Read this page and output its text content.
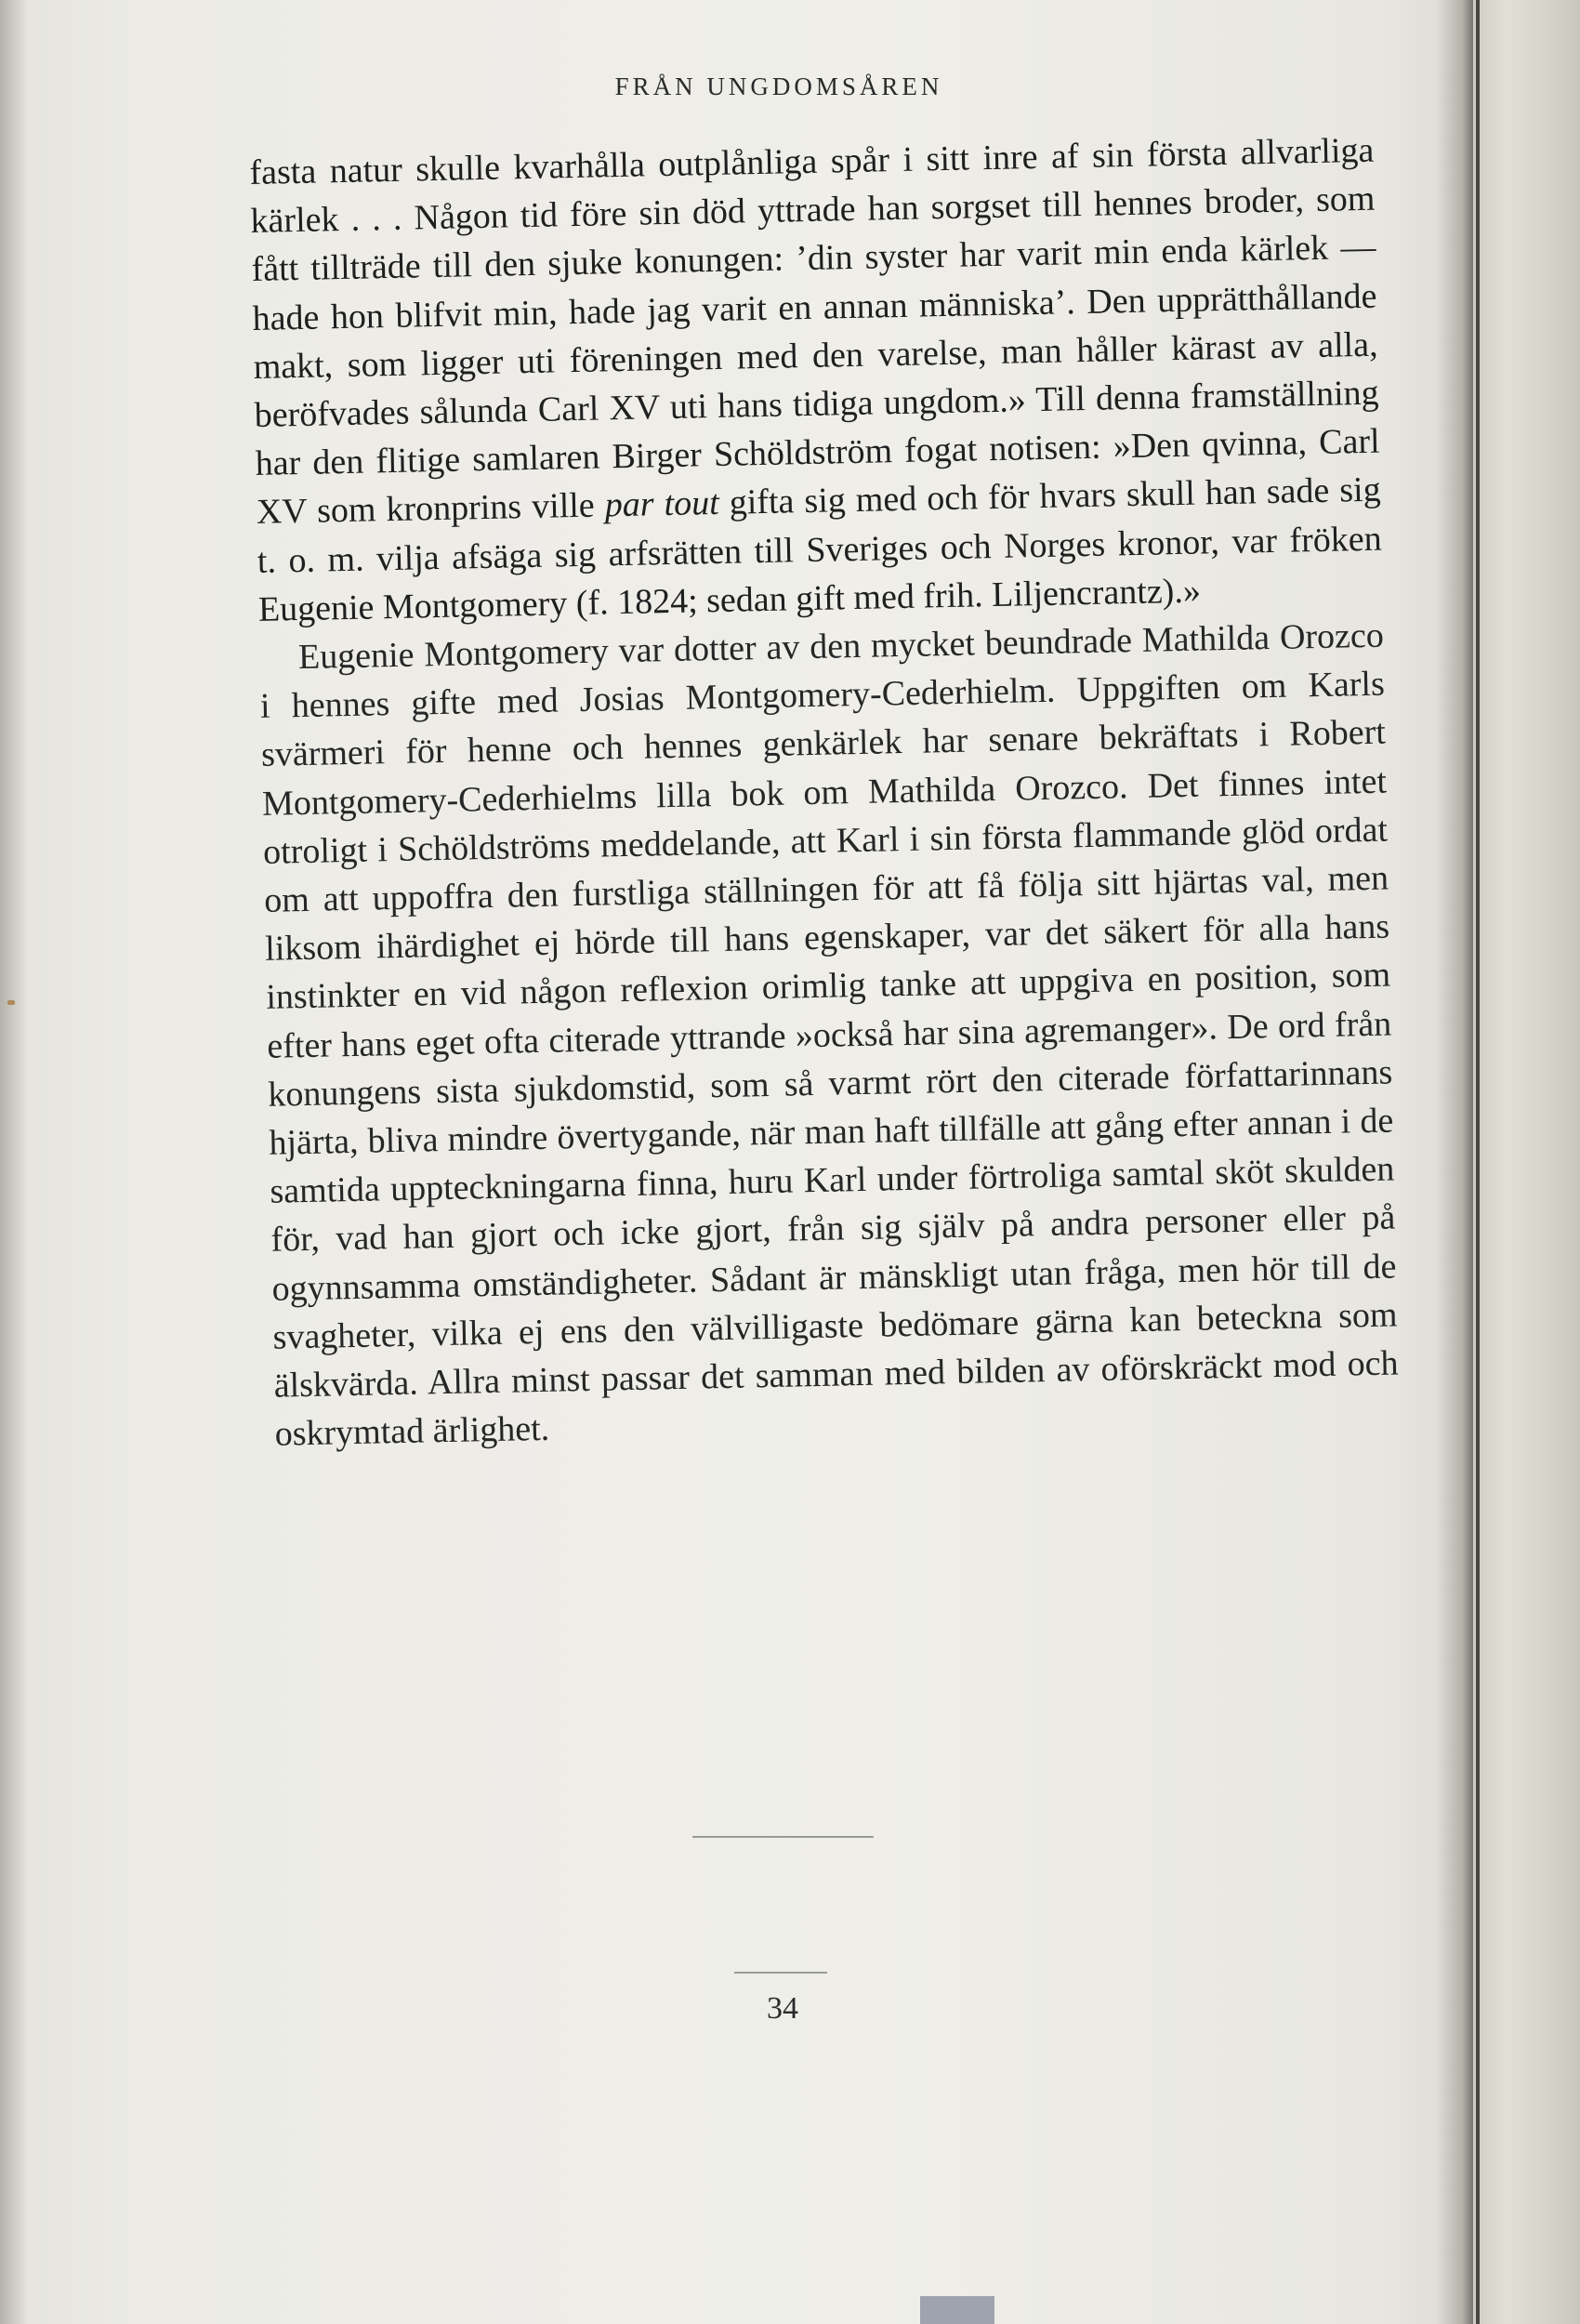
FRÅN UNGDOMSÅREN

fasta natur skulle kvarhålla outplånliga spår i sitt inre af sin första allvarliga kärlek . . . Någon tid före sin död yttrade han sorgset till hennes broder, som fått tillträde till den sjuke konungen: ’din syster har varit min enda kärlek — hade hon blifvit min, hade jag varit en annan människa’. Den upprätthållande makt, som ligger uti föreningen med den varelse, man håller kärast av alla, beröfvades sålunda Carl XV uti hans tidiga ungdom.» Till denna framställning har den flitige samlaren Birger Schöldström fogat notisen: »Den qvinna, Carl XV som kronprins ville par tout gifta sig med och för hvars skull han sade sig t. o. m. vilja afsäga sig arfsrätten till Sveriges och Norges kronor, var fröken Eugenie Montgomery (f. 1824; sedan gift med frih. Liljencrantz).»

Eugenie Montgomery var dotter av den mycket beundrade Mathilda Orozco i hennes gifte med Josias Montgomery-Cederhielm. Uppgiften om Karls svärmeri för henne och hennes genkärlek har senare bekräftats i Robert Montgomery-Cederhielms lilla bok om Mathilda Orozco. Det finnes intet otroligt i Schöldströms meddelande, att Karl i sin första flammande glöd ordat om att uppoffra den furstliga ställningen för att få följa sitt hjärtas val, men liksom ihärdighet ej hörde till hans egenskaper, var det säkert för alla hans instinkter en vid någon reflexion orimlig tanke att uppgiva en position, som efter hans eget ofta citerade yttrande »också har sina agremanger». De ord från konungens sista sjukdomstid, som så varmt rört den citerade författarinnans hjärta, bliva mindre övertygande, när man haft tillfälle att gång efter annan i de samtida uppteckningarna finna, huru Karl under förtroliga samtal sköt skulden för, vad han gjort och icke gjort, från sig själv på andra personer eller på ogynnsamma omständigheter. Sådant är mänskligt utan fråga, men hör till de svagheter, vilka ej ens den välvilligaste bedömare gärna kan beteckna som älskvärda. Allra minst passar det samman med bilden av oförskräckt mod och oskrymtad ärlighet.

34
